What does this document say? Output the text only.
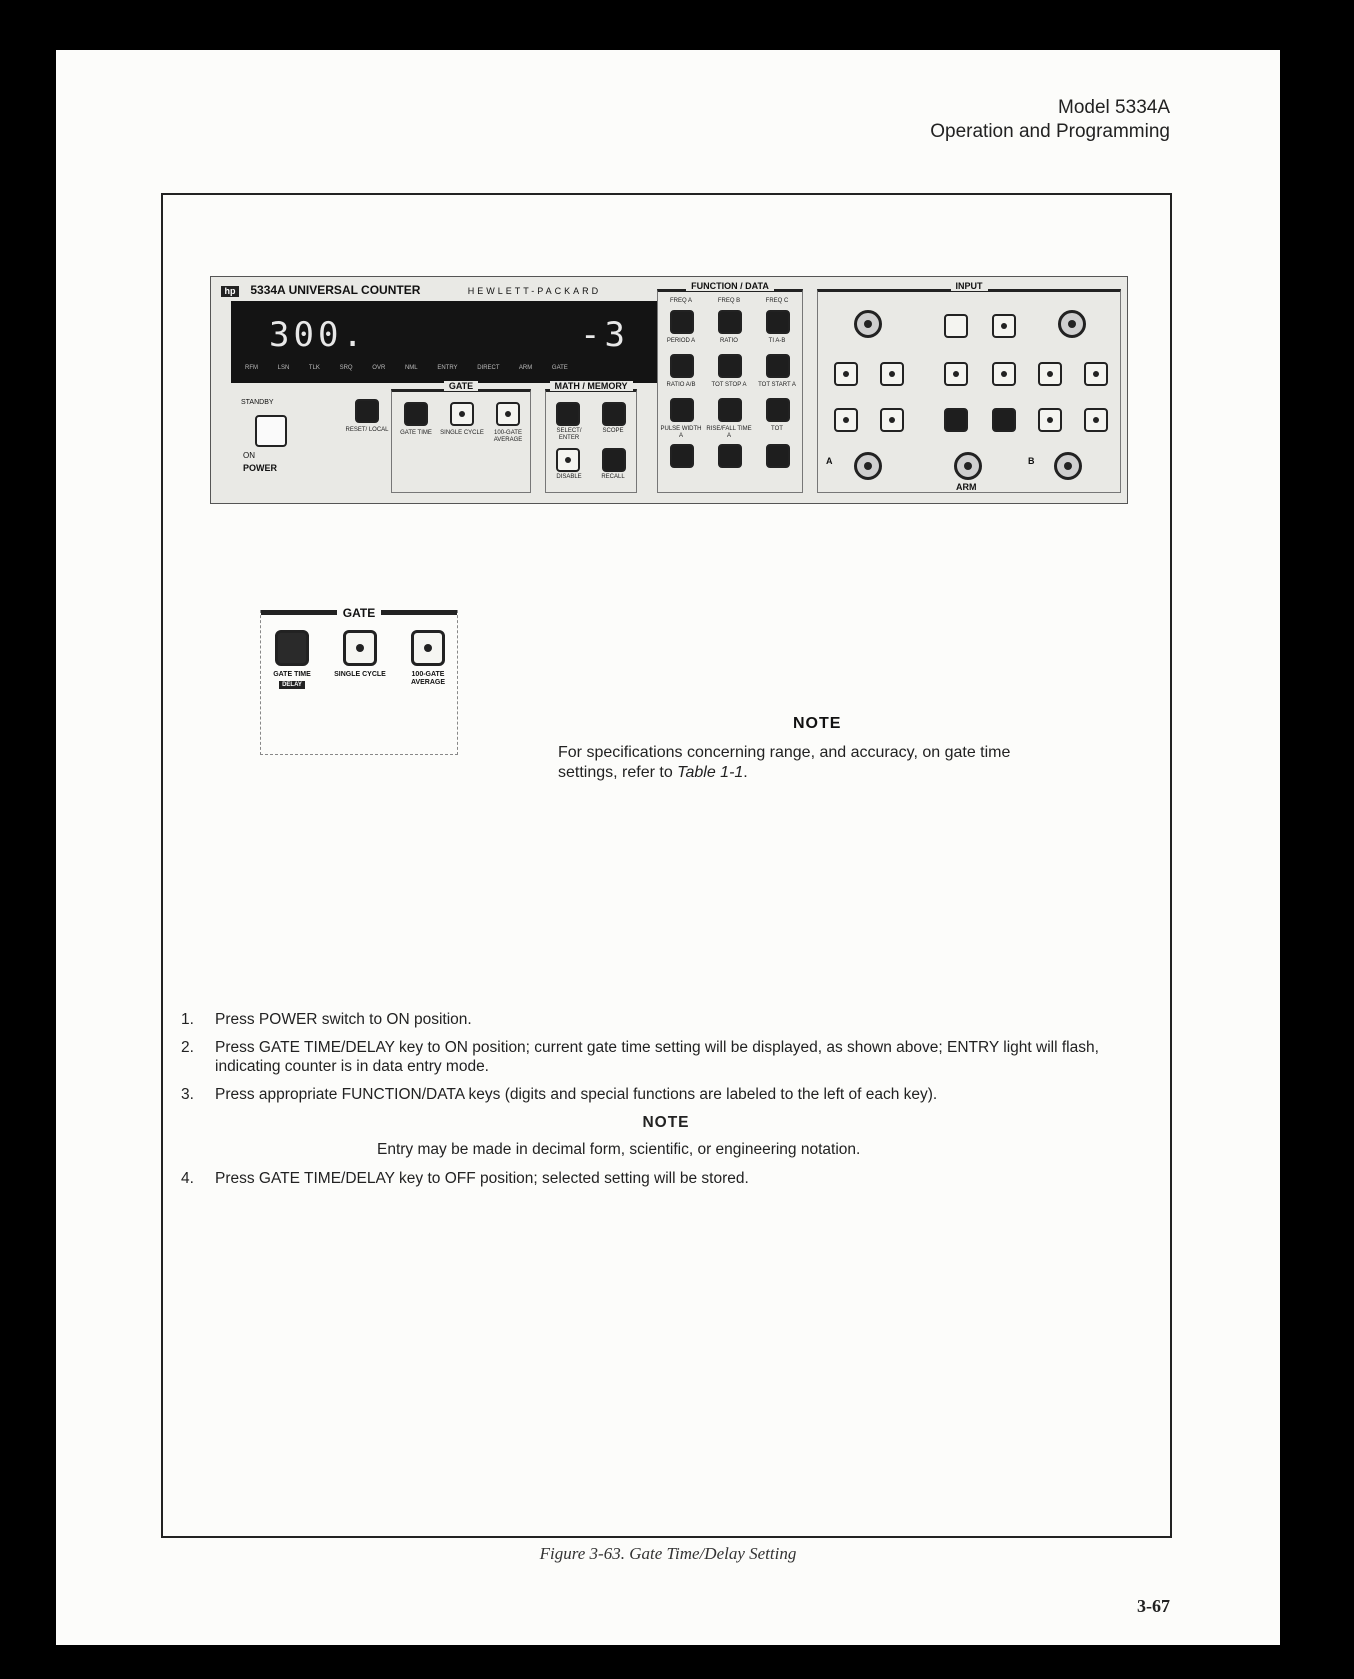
Model 5334A
Operation and Programming
hp 5334A UNIVERSAL COUNTER	HEWLETT-PACKARD
300.	-3
RFM	LSN	TLK	SRQ	OVR	NML	ENTRY	DIRECT	ARM	GATE
STANDBY
ON
POWER
RESET/ LOCAL
GATE
GATE TIME	SINGLE CYCLE	100-GATE AVERAGE
MATH / MEMORY
SELECT/ ENTER
SCOPE
DISABLE	RECALL
FUNCTION / DATA
FREQ A	FREQ B	FREQ C
PERIOD A	RATIO	TI A-B
RATIO A/B	TOT STOP A	TOT START A
PULSE WIDTH A
RISE/FALL TIME A
TOT
INPUT
A	B
ARM
GATE
GATE TIME
DELAY
SINGLE CYCLE	100-GATE AVERAGE
NOTE
For specifications concerning range, and accuracy, on gate time
settings, refer to Table 1-1.
1. Press POWER switch to ON position.
2. Press GATE TIME/DELAY key to ON position; current gate time setting will be displayed, as shown above; ENTRY light will flash, indicating counter is in data entry mode.
3. Press appropriate FUNCTION/DATA keys (digits and special functions are labeled to the left of each key).
NOTE
Entry may be made in decimal form, scientific, or engineering notation.
4. Press GATE TIME/DELAY key to OFF position; selected setting will be stored.
Figure 3-63. Gate Time/Delay Setting
3-67
